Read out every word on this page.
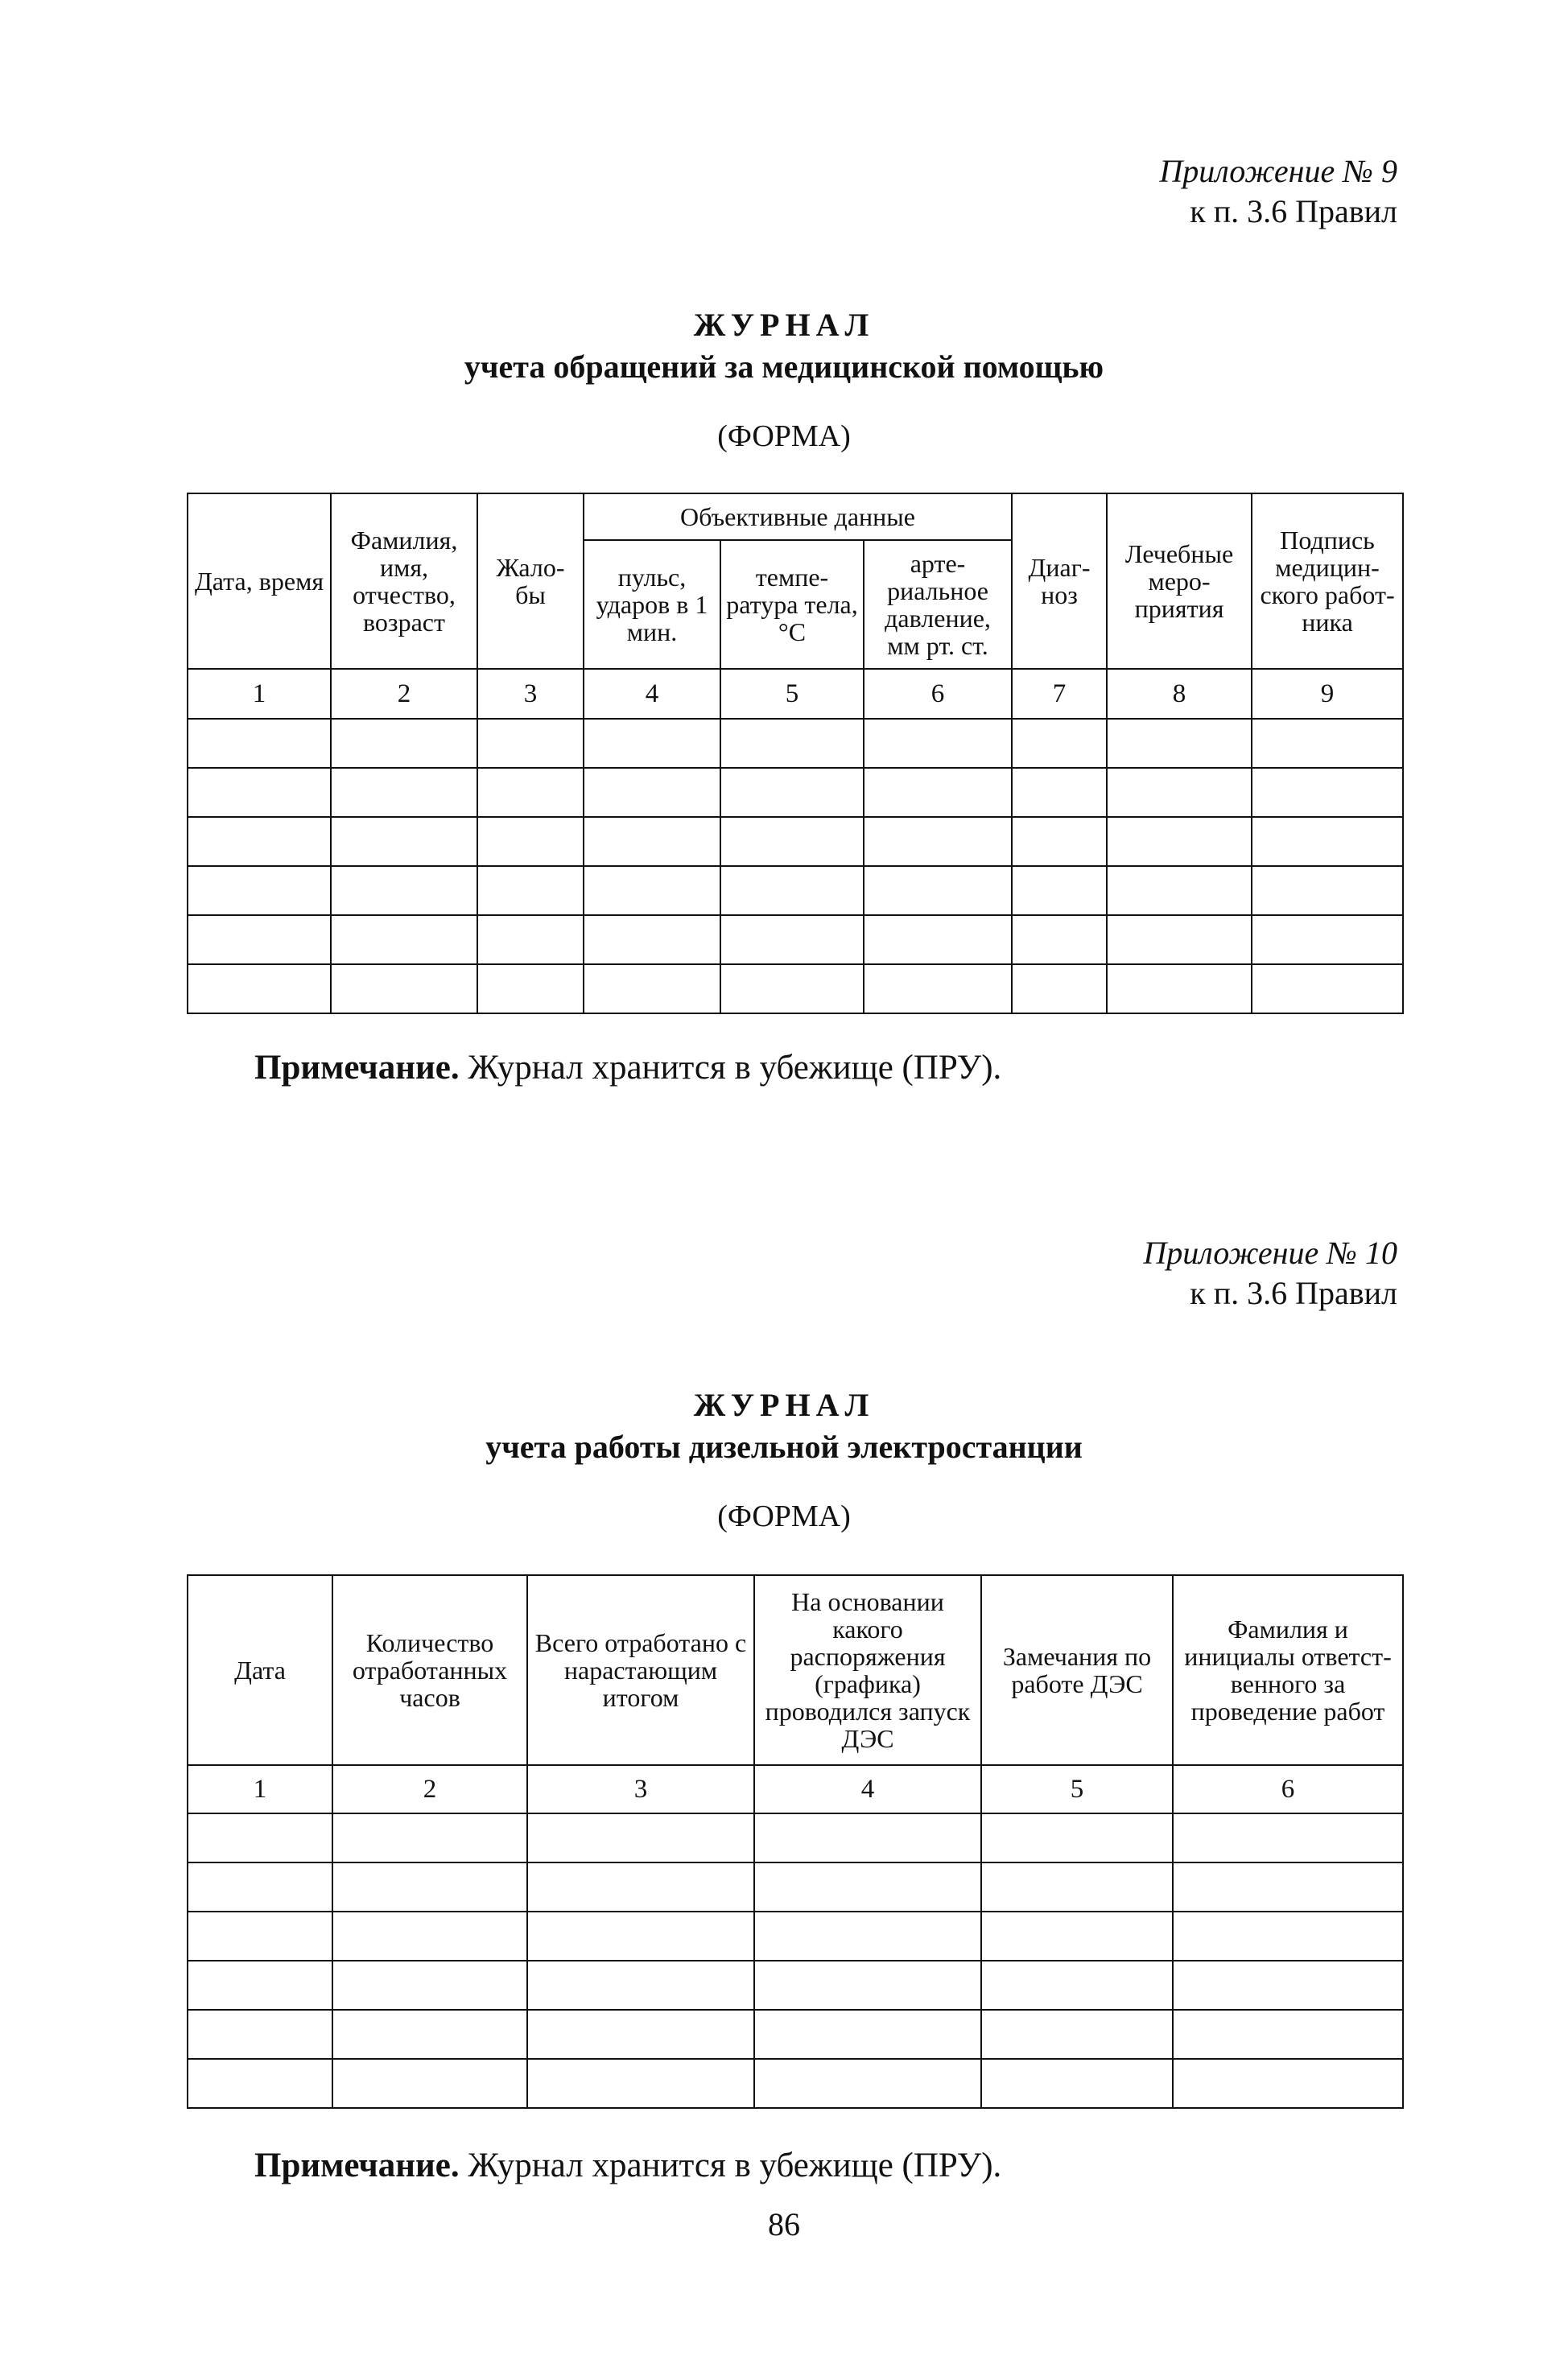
Приложение № 9
к п. 3.6 Правил
ЖУРНАЛ
учета обращений за медицинской помощью
(ФОРМА)
Дата, время	Фамилия, имя, отчество, возраст	Жало- бы	Объективные данные			Диаг- ноз	Лечебные меро- приятия	Подпись медицин- ского работ- ника
			пульс, ударов в 1 мин.	темпе- ратура тела, °С	арте- риальное давление, мм рт. ст.			
1	2	3	4	5	6	7	8	9

Примечание. Журнал хранится в убежище (ПРУ).
Приложение № 10
к п. 3.6 Правил
ЖУРНАЛ
учета работы дизельной электростанции
(ФОРМА)
Дата	Количество отработанных часов	Всего отработано с нарастающим итогом	На основании какого распоряжения (графика) проводился запуск ДЭС	Замечания по работе ДЭС	Фамилия и инициалы ответст- венного за проведение работ
1	2	3	4	5	6

Примечание. Журнал хранится в убежище (ПРУ).
86
